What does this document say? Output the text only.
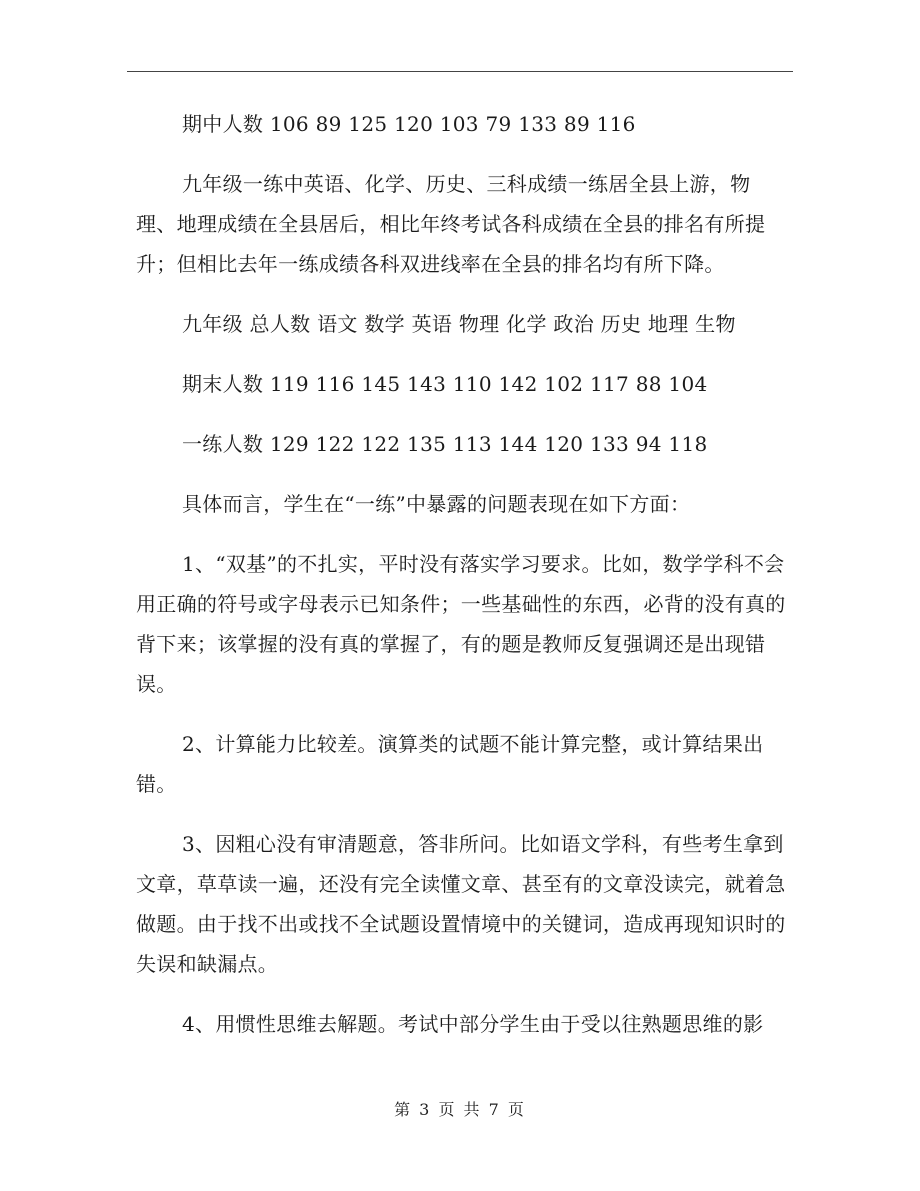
期中人数 106 89 125 120 103 79 133 89 116

九年级一练中英语、化学、历史、三科成绩一练居全县上游，物理、地理成绩在全县居后，相比年终考试各科成绩在全县的排名有所提升；但相比去年一练成绩各科双进线率在全县的排名均有所下降。

九年级 总人数 语文 数学 英语 物理 化学 政治 历史 地理 生物

期末人数 119 116 145 143 110 142 102 117 88 104

一练人数 129 122 122 135 113 144 120 133 94 118

具体而言，学生在“一练”中暴露的问题表现在如下方面：

1、“双基”的不扎实，平时没有落实学习要求。比如，数学学科不会用正确的符号或字母表示已知条件；一些基础性的东西，必背的没有真的背下来；该掌握的没有真的掌握了，有的题是教师反复强调还是出现错误。

2、计算能力比较差。演算类的试题不能计算完整，或计算结果出错。

3、因粗心没有审清题意，答非所问。比如语文学科，有些考生拿到文章，草草读一遍，还没有完全读懂文章、甚至有的文章没读完，就着急做题。由于找不出或找不全试题设置情境中的关键词，造成再现知识时的失误和缺漏点。

4、用惯性思维去解题。考试中部分学生由于受以往熟题思维的影

第 3 页 共 7 页
